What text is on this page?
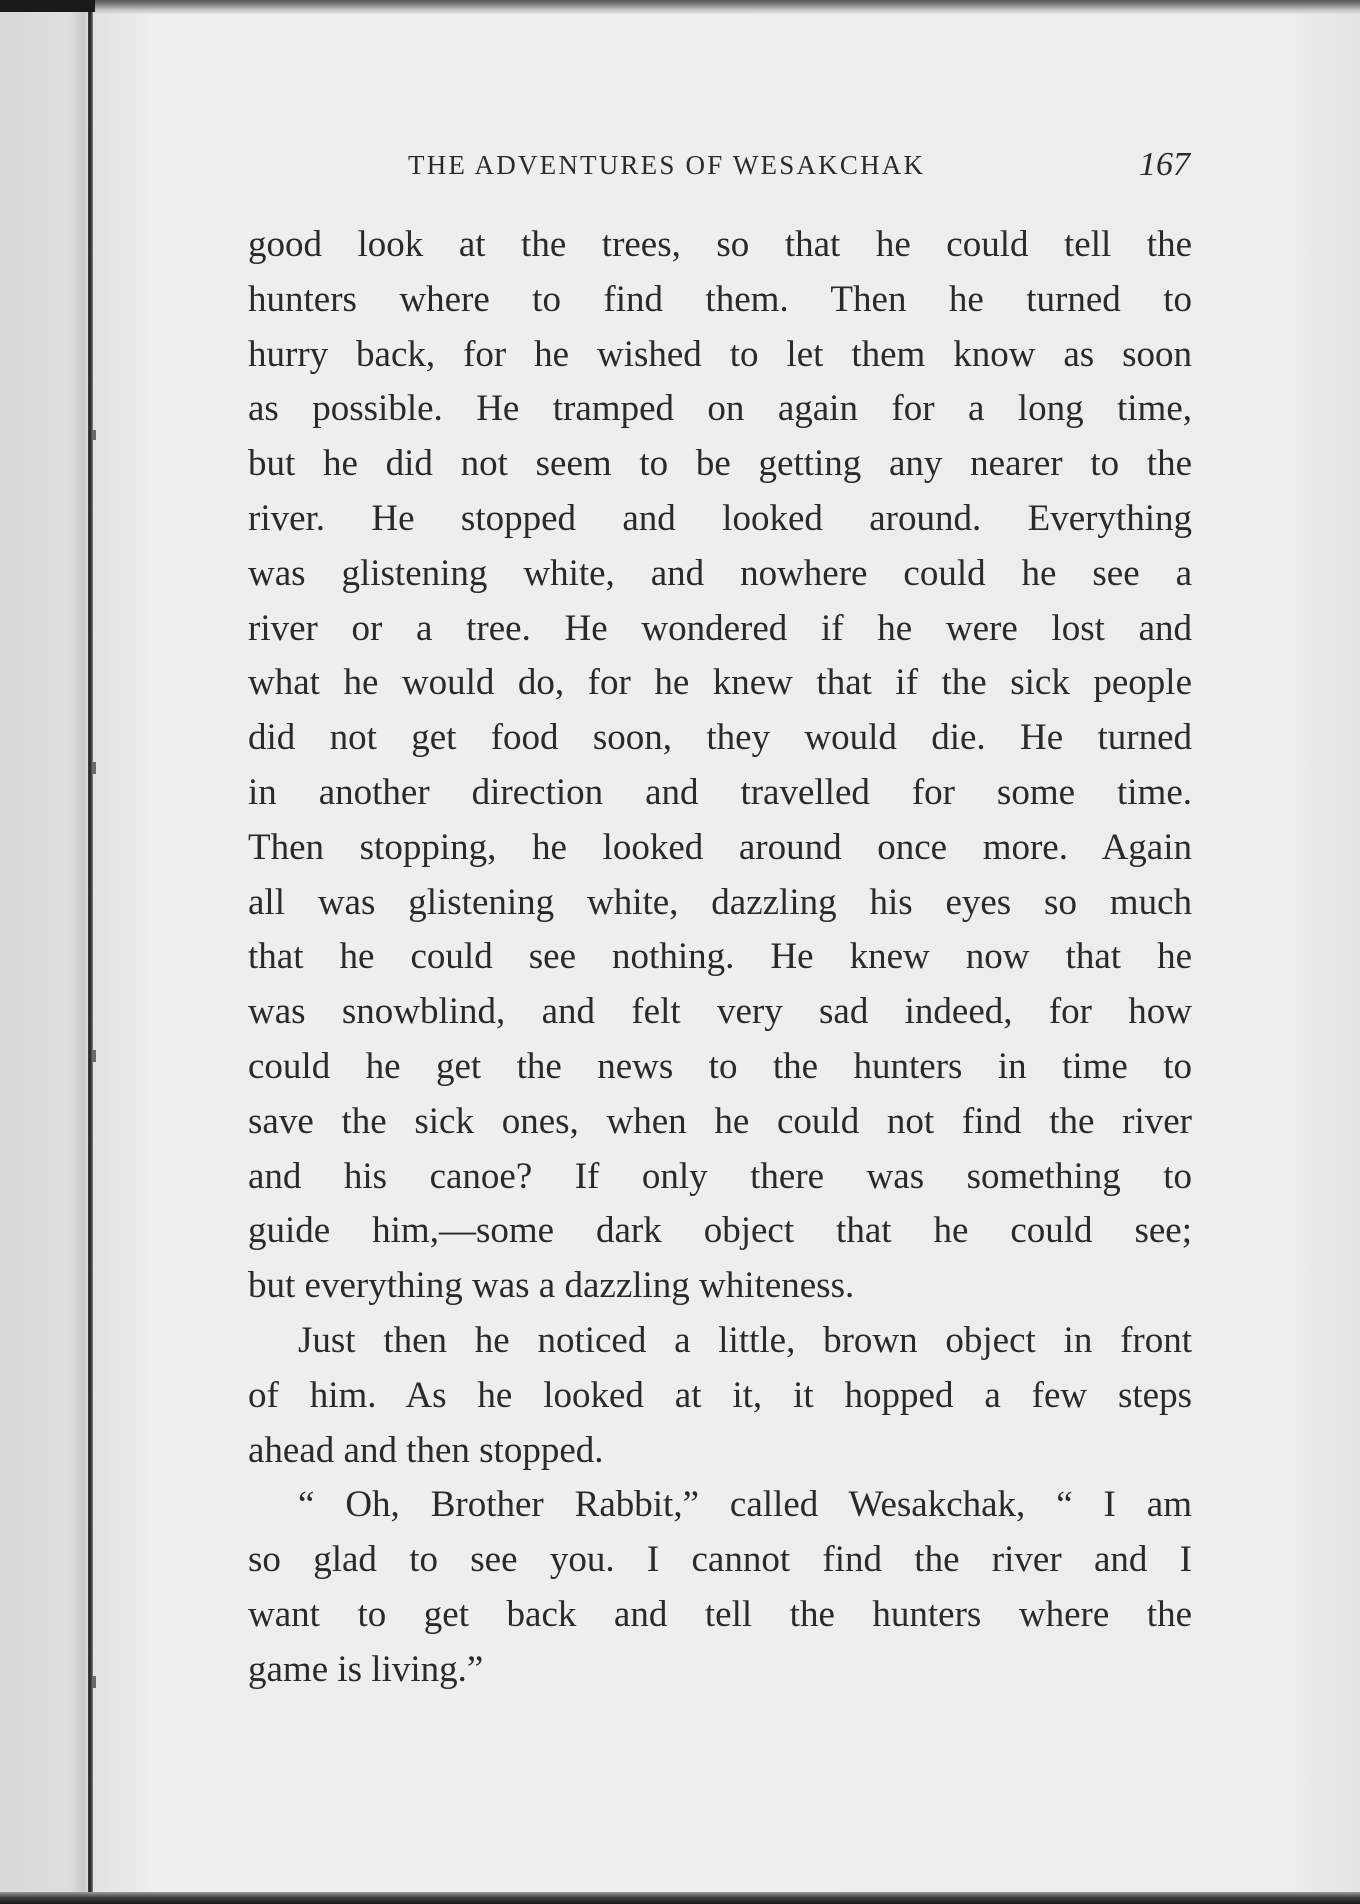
THE ADVENTURES OF WESAKCHAK	167

good look at the trees, so that he could tell the
hunters where to find them. Then he turned to
hurry back, for he wished to let them know as soon
as possible. He tramped on again for a long time,
but he did not seem to be getting any nearer to the
river. He stopped and looked around. Everything
was glistening white, and nowhere could he see a
river or a tree. He wondered if he were lost and
what he would do, for he knew that if the sick people
did not get food soon, they would die. He turned
in another direction and travelled for some time.
Then stopping, he looked around once more. Again
all was glistening white, dazzling his eyes so much
that he could see nothing. He knew now that he
was snowblind, and felt very sad indeed, for how
could he get the news to the hunters in time to
save the sick ones, when he could not find the river
and his canoe? If only there was something to
guide him,—some dark object that he could see;
but everything was a dazzling whiteness.

Just then he noticed a little, brown object in front
of him. As he looked at it, it hopped a few steps
ahead and then stopped.

“ Oh, Brother Rabbit,” called Wesakchak, “ I am
so glad to see you. I cannot find the river and I
want to get back and tell the hunters where the
game is living.”
